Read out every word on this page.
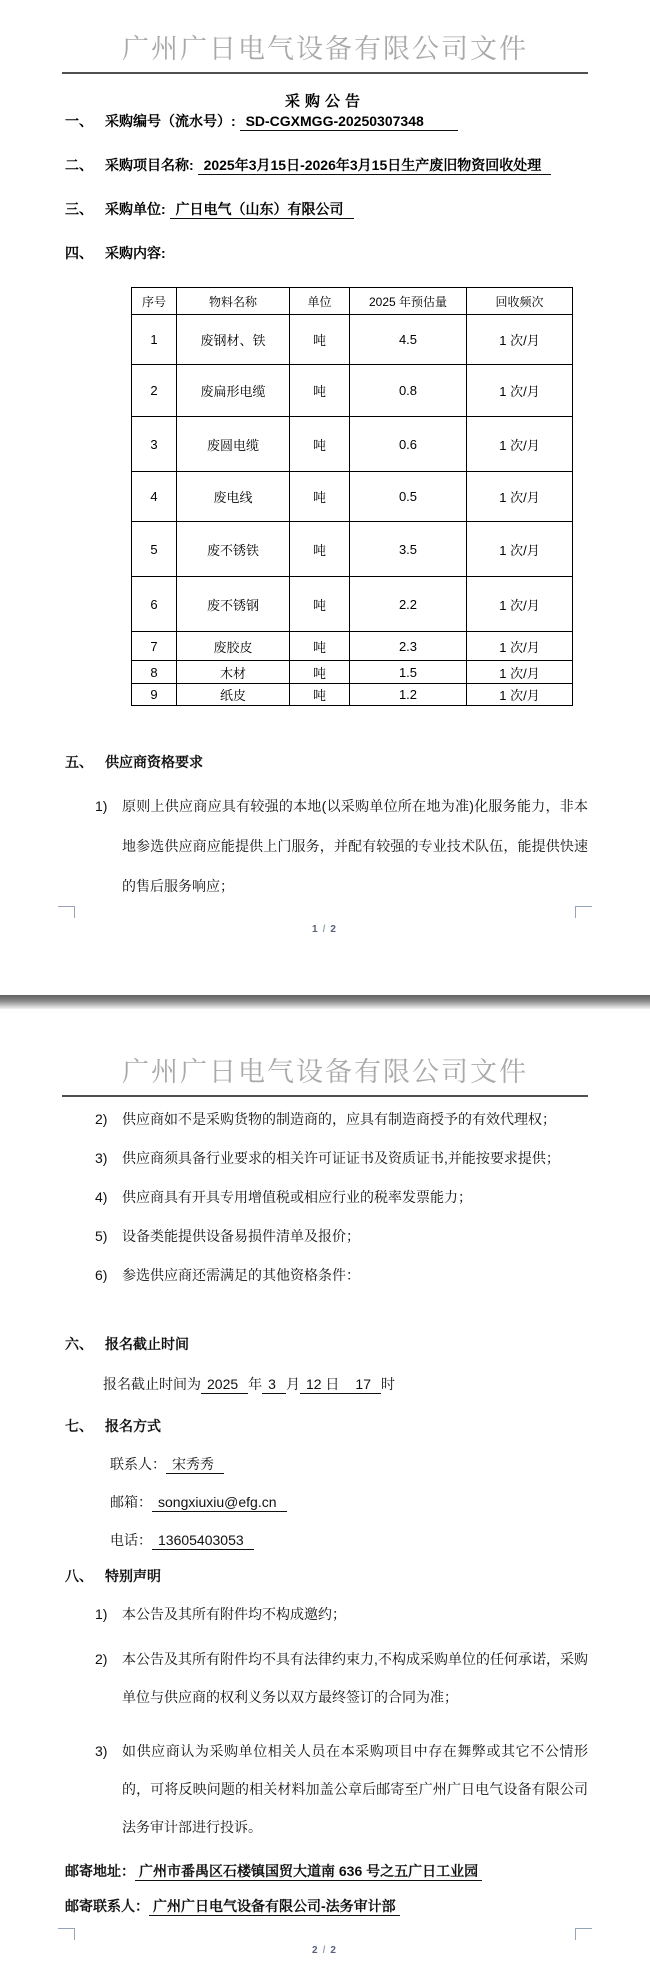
广州广日电气设备有限公司文件
采购公告
一、 采购编号（流水号）: SD-CGXMGG-20250307348
二、 采购项目名称: 2025年3月15日-2026年3月15日生产废旧物资回收处理
三、 采购单位: 广日电气（山东）有限公司
四、 采购内容:
序号	物料名称	单位	2025 年预估量	回收频次
1	废钢材、铁	吨	4.5	1 次/月
2	废扁形电缆	吨	0.8	1 次/月
3	废圆电缆	吨	0.6	1 次/月
4	废电线	吨	0.5	1 次/月
5	废不锈铁	吨	3.5	1 次/月
6	废不锈钢	吨	2.2	1 次/月
7	废胶皮	吨	2.3	1 次/月
8	木材	吨	1.5	1 次/月
9	纸皮	吨	1.2	1 次/月
五、 供应商资格要求
1) 原则上供应商应具有较强的本地(以采购单位所在地为准)化服务能力，非本地参选供应商应能提供上门服务，并配有较强的专业技术队伍，能提供快速的售后服务响应；
1 / 2
广州广日电气设备有限公司文件
2) 供应商如不是采购货物的制造商的，应具有制造商授予的有效代理权；
3) 供应商须具备行业要求的相关许可证证书及资质证书,并能按要求提供；
4) 供应商具有开具专用增值税或相应行业的税率发票能力；
5) 设备类能提供设备易损件清单及报价；
6) 参选供应商还需满足的其他资格条件：
六、 报名截止时间
报名截止时间为 2025 年 3 月 12 日 17 时
七、 报名方式
联系人： 宋秀秀
邮箱： songxiuxiu@efg.cn
电话： 13605403053
八、 特别声明
1) 本公告及其所有附件均不构成邀约；
2) 本公告及其所有附件均不具有法律约束力,不构成采购单位的任何承诺，采购单位与供应商的权利义务以双方最终签订的合同为准；
3) 如供应商认为采购单位相关人员在本采购项目中存在舞弊或其它不公情形的，可将反映问题的相关材料加盖公章后邮寄至广州广日电气设备有限公司法务审计部进行投诉。
邮寄地址： 广州市番禺区石楼镇国贸大道南 636 号之五广日工业园
邮寄联系人： 广州广日电气设备有限公司-法务审计部
2 / 2
